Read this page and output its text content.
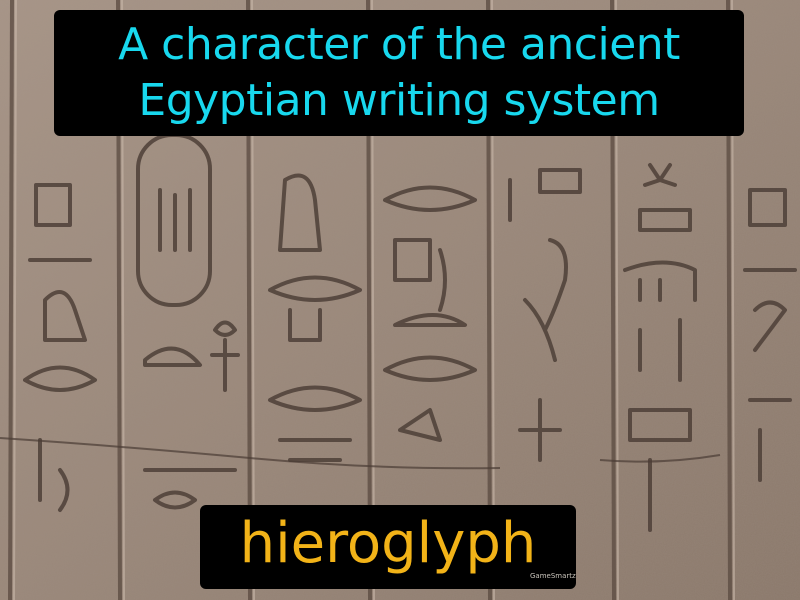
A character of the ancient
Egyptian writing system

hieroglyph
GameSmartz
